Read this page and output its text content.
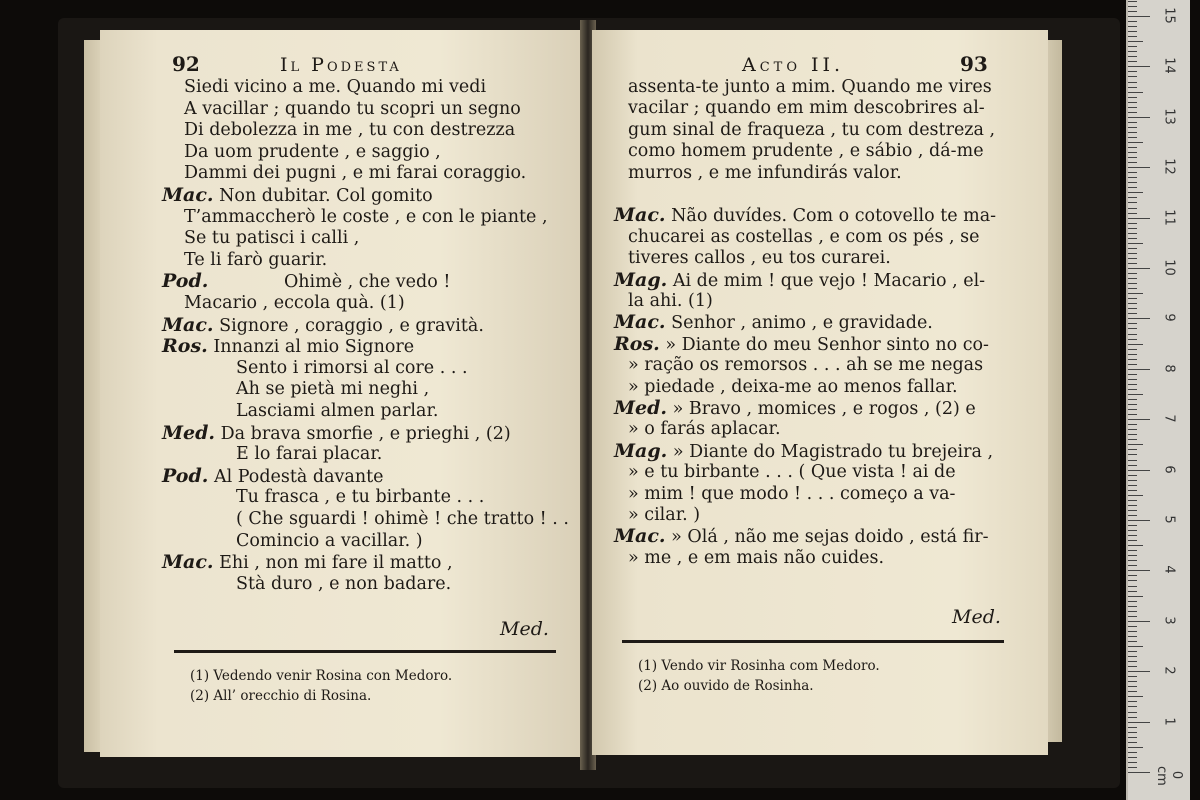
92	Il Podesta
Siedi vicino a me. Quando mi vedi
A vacillar ; quando tu scopri un segno
Di debolezza in me , tu con destrezza
Da uom prudente , e saggio ,
Dammi dei pugni , e mi farai coraggio.
Mac. Non dubitar. Col gomito
T’ammaccherò le coste , e con le piante ,
Se tu patisci i calli ,
Te li farò guarir.
Pod.	Ohimè , che vedo !
Macario , eccola quà. (1)
Mac. Signore , coraggio , e gravità.
Ros. Innanzi al mio Signore
Sento i rimorsi al core . . .
Ah se pietà mi neghi ,
Lasciami almen parlar.
Med. Da brava smorfie , e prieghi , (2)
E lo farai placar.
Pod. Al Podestà davante
Tu frasca , e tu birbante . . .
( Che sguardi ! ohimè ! che tratto ! . .
Comincio a vacillar. )
Mac. Ehi , non mi fare il matto ,
Stà duro , e non badare.
Med.
(1) Vedendo venir Rosina con Medoro.
(2) All’ orecchio di Rosina.
Acto II.	93
assenta-te junto a mim. Quando me vires
vacilar ; quando em mim descobrires al-
gum sinal de fraqueza , tu com destreza ,
como homem prudente , e sábio , dá-me
murros , e me infundirás valor.
Mac. Não duvídes. Com o cotovello te ma-
chucarei as costellas , e com os pés , se
tiveres callos , eu tos curarei.
Mag. Ai de mim ! que vejo ! Macario , el-
la ahi. (1)
Mac. Senhor , animo , e gravidade.
Ros. » Diante do meu Senhor sinto no co-
» ração os remorsos . . . ah se me negas
» piedade , deixa-me ao menos fallar.
Med. » Bravo , momices , e rogos , (2) e
» o farás aplacar.
Mag. » Diante do Magistrado tu brejeira ,
» e tu birbante . . . ( Que vista ! ai de
» mim ! que modo ! . . . começo a va-
» cilar. )
Mac. » Olá , não me sejas doido , está fir-
» me , e em mais não cuides.
Med.
(1) Vendo vir Rosinha com Medoro.
(2) Ao ouvido de Rosinha.
1
2
3
4
5
6
7
8
9
10
11
12
13
14
15
0 cm
